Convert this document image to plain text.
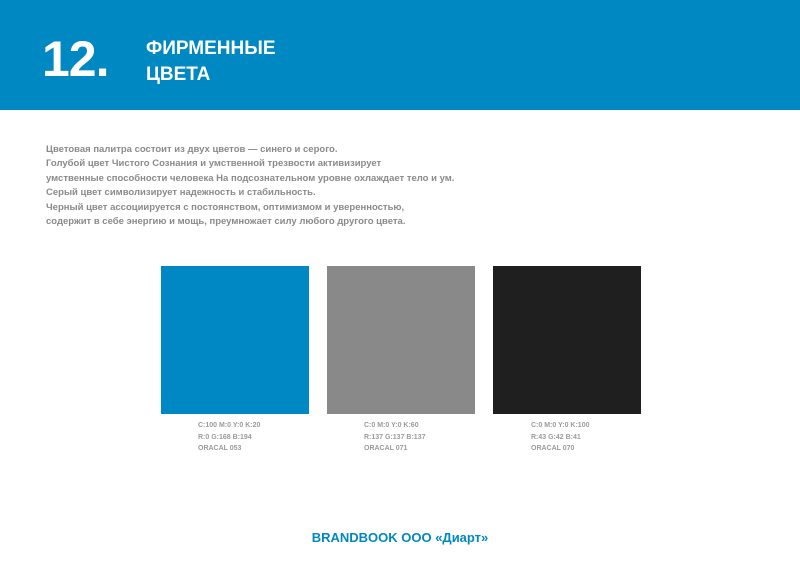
12. ФИРМЕННЫЕ
ЦВЕТА
Цветовая палитра состоит из двух цветов — синего и серого.
Голубой цвет Чистого Сознания и умственной трезвости активизирует
умственные способности человека На подсознательном уровне охлаждает тело и ум.
Серый цвет символизирует надежность и стабильность.
Черный цвет ассоциируется с постоянством, оптимизмом и уверенностью,
содержит в себе энергию и мощь, преумножает силу любого другого цвета.
C:100 M:0 Y:0 K:20
R:0 G:168 B:194
ORACAL 053
C:0 M:0 Y:0 K:60
R:137 G:137 B:137
ORACAL 071
C:0 M:0 Y:0 K:100
R:43 G:42 B:41
ORACAL 070
BRANDBOOK ООО «Диарт»
